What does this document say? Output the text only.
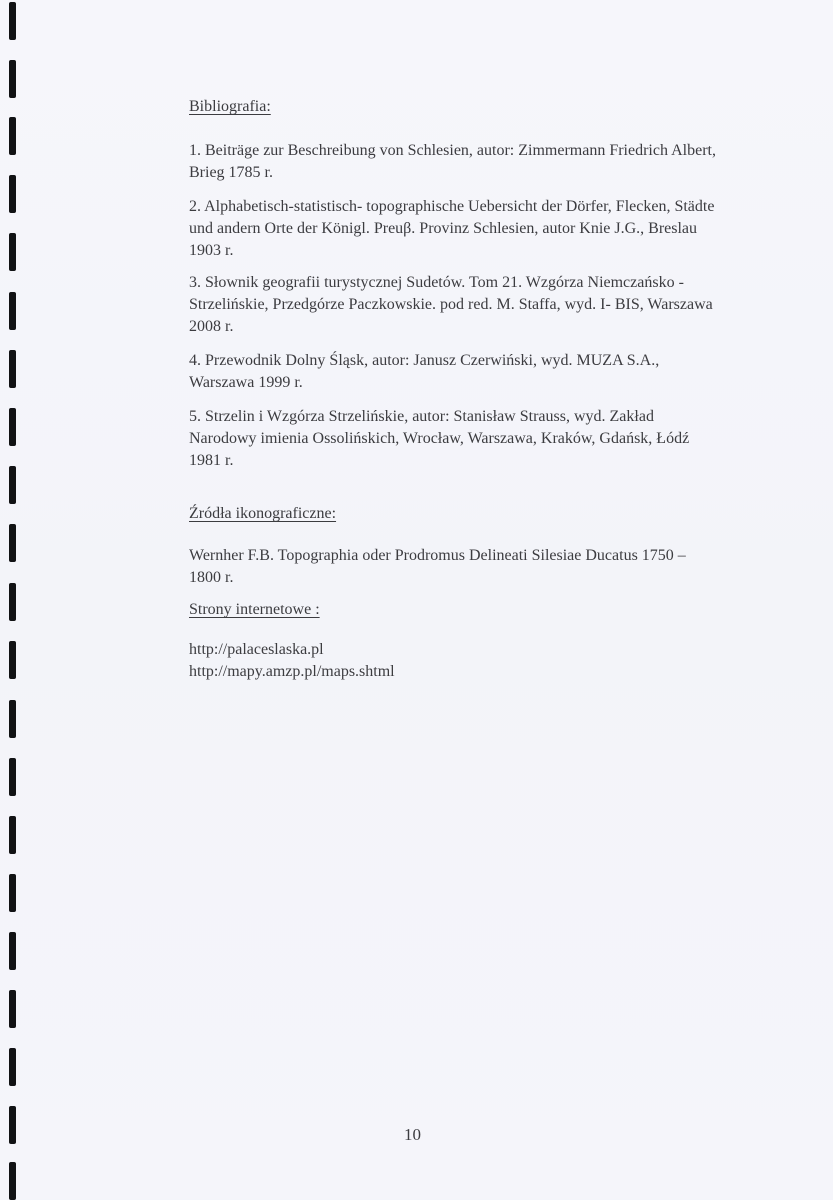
Bibliografia:
1. Beiträge zur Beschreibung von Schlesien, autor: Zimmermann Friedrich Albert,
Brieg 1785 r.
2. Alphabetisch-statistisch- topographische Uebersicht der Dörfer, Flecken, Städte
und andern Orte der Königl. Preuβ. Provinz Schlesien, autor Knie J.G., Breslau
1903 r.
3. Słownik geografii turystycznej Sudetów. Tom 21. Wzgórza Niemczańsko -
Strzelińskie, Przedgórze Paczkowskie. pod red. M. Staffa, wyd. I- BIS, Warszawa
2008 r.
4. Przewodnik Dolny Śląsk, autor: Janusz Czerwiński, wyd. MUZA S.A.,
Warszawa 1999 r.
5. Strzelin i Wzgórza Strzelińskie, autor: Stanisław Strauss, wyd. Zakład
Narodowy imienia Ossolińskich, Wrocław, Warszawa, Kraków, Gdańsk, Łódź
1981 r.
Źródła ikonograficzne:
Wernher F.B. Topographia oder Prodromus Delineati Silesiae Ducatus 1750 –
1800 r.
Strony internetowe :
http://palaceslaska.pl
http://mapy.amzp.pl/maps.shtml
10
